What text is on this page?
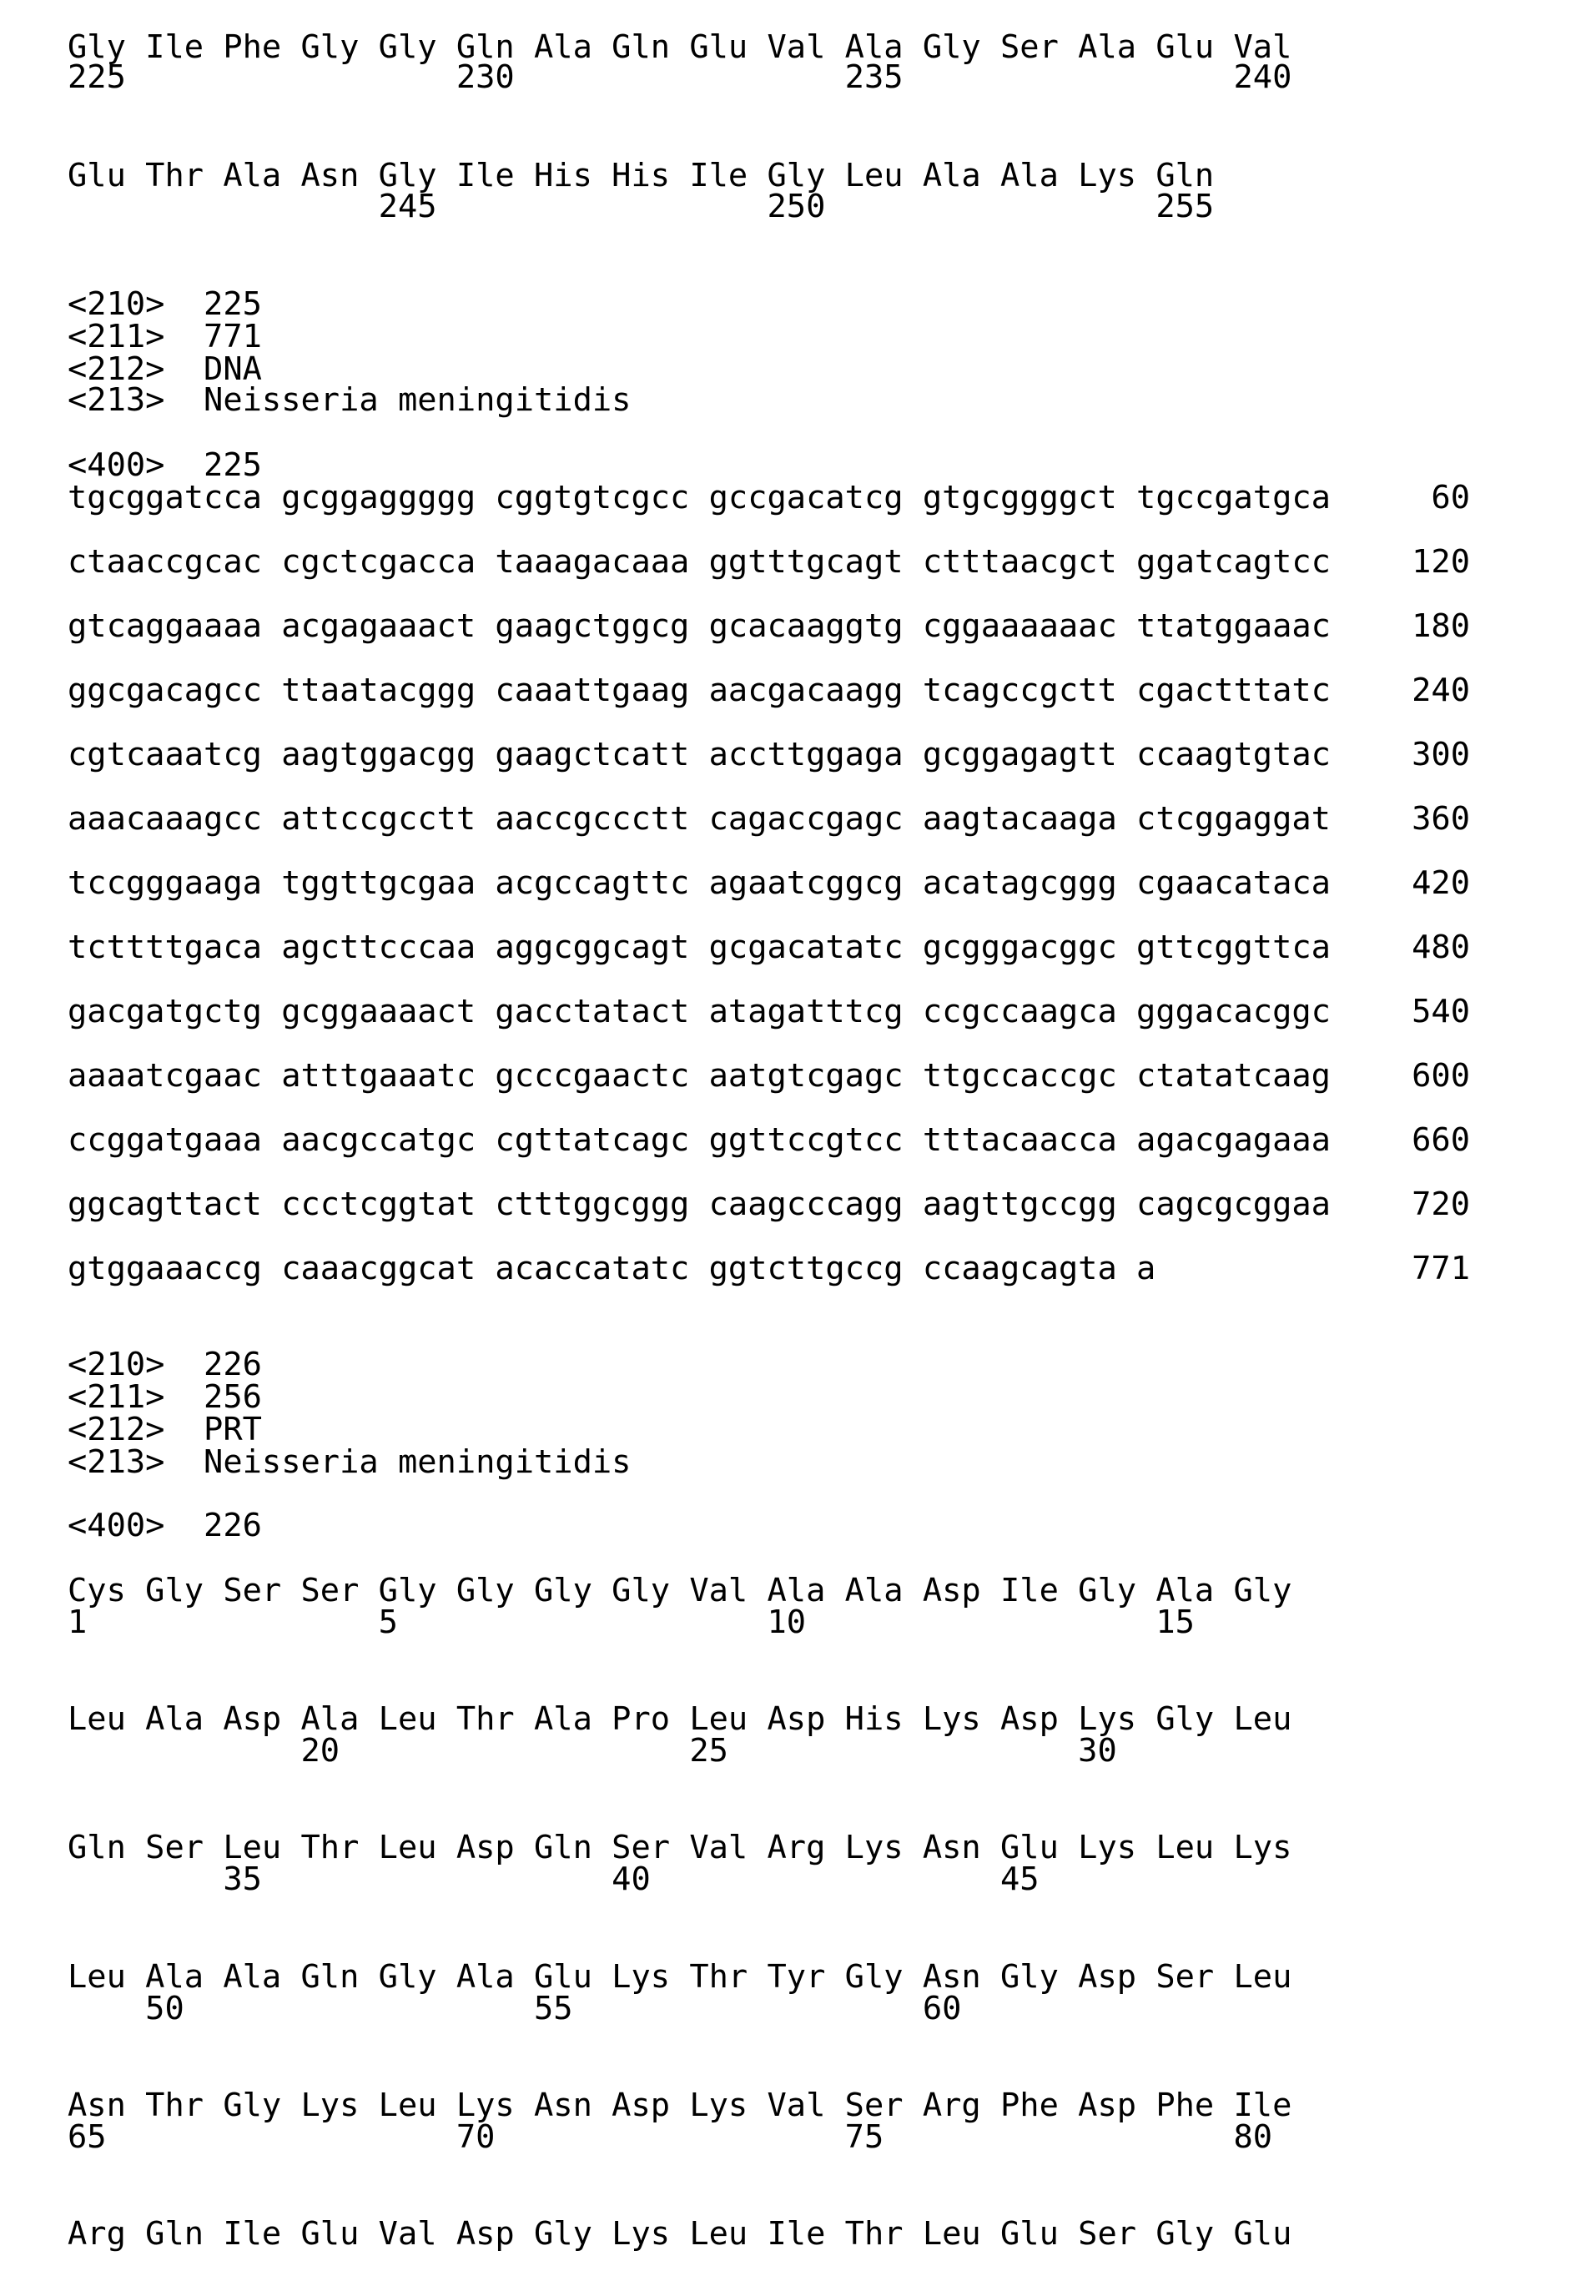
Gly Ile Phe Gly Gly Gln Ala Gln Glu Val Ala Gly Ser Ala Glu Val
225                 230                 235                 240
Glu Thr Ala Asn Gly Ile His His Ile Gly Leu Ala Ala Lys Gln
245                 250                 255
<210>  225
<211>  771
<212>  DNA
<213>  Neisseria meningitidis
<400>  225
tgcggatcca gcggaggggg cggtgtcgcc gccgacatcg gtgcggggct tgccgatgca	60
ctaaccgcac cgctcgacca taaagacaaa ggtttgcagt ctttaacgct ggatcagtcc	120
gtcaggaaaa acgagaaact gaagctggcg gcacaaggtg cggaaaaaac ttatggaaac	180
ggcgacagcc ttaatacggg caaattgaag aacgacaagg tcagccgctt cgactttatc	240
cgtcaaatcg aagtggacgg gaagctcatt accttggaga gcggagagtt ccaagtgtac	300
aaacaaagcc attccgcctt aaccgccctt cagaccgagc aagtacaaga ctcggaggat	360
tccgggaaga tggttgcgaa acgccagttc agaatcggcg acatagcggg cgaacataca	420
tcttttgaca agcttcccaa aggcggcagt gcgacatatc gcgggacggc gttcggttca	480
gacgatgctg gcggaaaact gacctatact atagatttcg ccgccaagca gggacacggc	540
aaaatcgaac atttgaaatc gcccgaactc aatgtcgagc ttgccaccgc ctatatcaag	600
ccggatgaaa aacgccatgc cgttatcagc ggttccgtcc tttacaacca agacgagaaa	660
ggcagttact ccctcggtat ctttggcggg caagcccagg aagttgccgg cagcgcggaa	720
gtggaaaccg caaacggcat acaccatatc ggtcttgccg ccaagcagta a	771
<210>  226
<211>  256
<212>  PRT
<213>  Neisseria meningitidis
<400>  226
Cys Gly Ser Ser Gly Gly Gly Gly Val Ala Ala Asp Ile Gly Ala Gly
1               5                   10                  15
Leu Ala Asp Ala Leu Thr Ala Pro Leu Asp His Lys Asp Lys Gly Leu
20                  25                  30
Gln Ser Leu Thr Leu Asp Gln Ser Val Arg Lys Asn Glu Lys Leu Lys
35                  40                  45
Leu Ala Ala Gln Gly Ala Glu Lys Thr Tyr Gly Asn Gly Asp Ser Leu
50                  55                  60
Asn Thr Gly Lys Leu Lys Asn Asp Lys Val Ser Arg Phe Asp Phe Ile
65                  70                  75                  80
Arg Gln Ile Glu Val Asp Gly Lys Leu Ile Thr Leu Glu Ser Gly Glu
